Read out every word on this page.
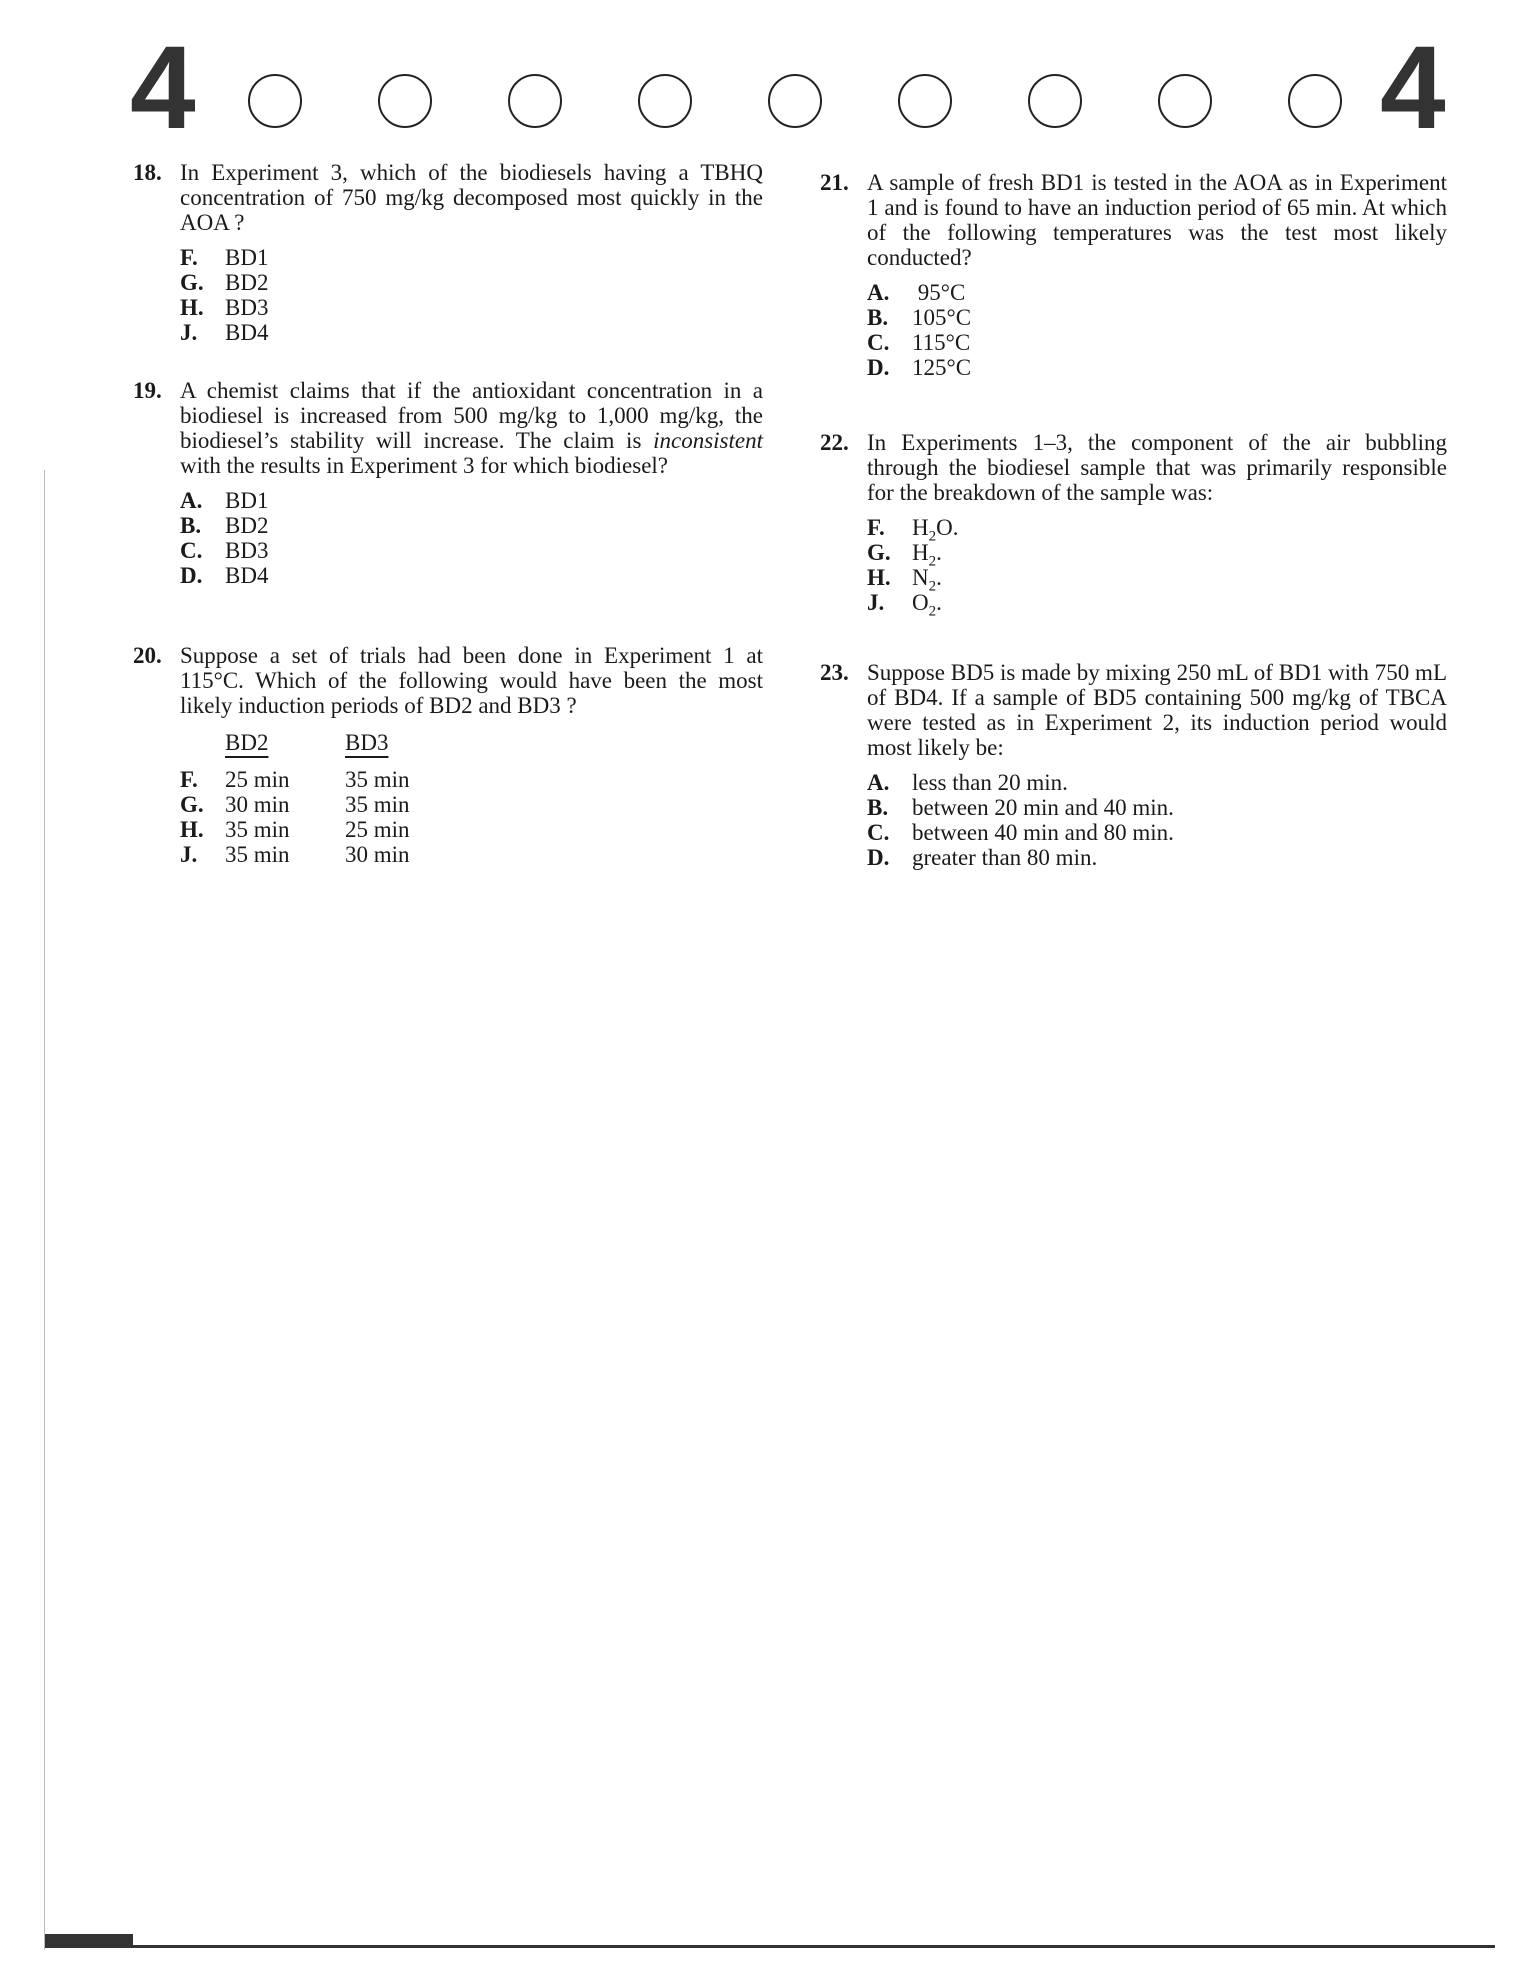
4	4
18. In Experiment 3, which of the biodiesels having a TBHQ concentration of 750 mg/kg decomposed most quickly in the AOA ?
F.	BD1
G. BD2
H. BD3
J.	BD4
19. A chemist claims that if the antioxidant concentration in a biodiesel is increased from 500 mg/kg to 1,000 mg/kg, the biodiesel’s stability will increase. The claim is inconsistent with the results in Experiment 3 for which biodiesel?
A. BD1
B.	BD2
C. BD3
D. BD4
20. Suppose a set of trials had been done in Experiment 1 at 115°C. Which of the following would have been the most likely induction periods of BD2 and BD3 ?
BD2	BD3
F.	25 min	35 min
G. 30 min	35 min
H. 35 min	25 min
J.	35 min	30 min
21. A sample of fresh BD1 is tested in the AOA as in Experiment 1 and is found to have an induction period of 65 min. At which of the following temperatures was the test most likely conducted?
A. 95°C
B.	105°C
C. 115°C
D. 125°C
22. In Experiments 1–3, the component of the air bubbling through the biodiesel sample that was primarily responsible for the breakdown of the sample was:
F.	$H_2O$.
G. $H_2$.
H. $N_2$.
J.	$O_2$.
23. Suppose BD5 is made by mixing 250 mL of BD1 with 750 mL of BD4. If a sample of BD5 containing 500 mg/kg of TBCA were tested as in Experiment 2, its induction period would most likely be:
A. less than 20 min.
B.	between 20 min and 40 min.
C. between 40 min and 80 min.
D. greater than 80 min.
